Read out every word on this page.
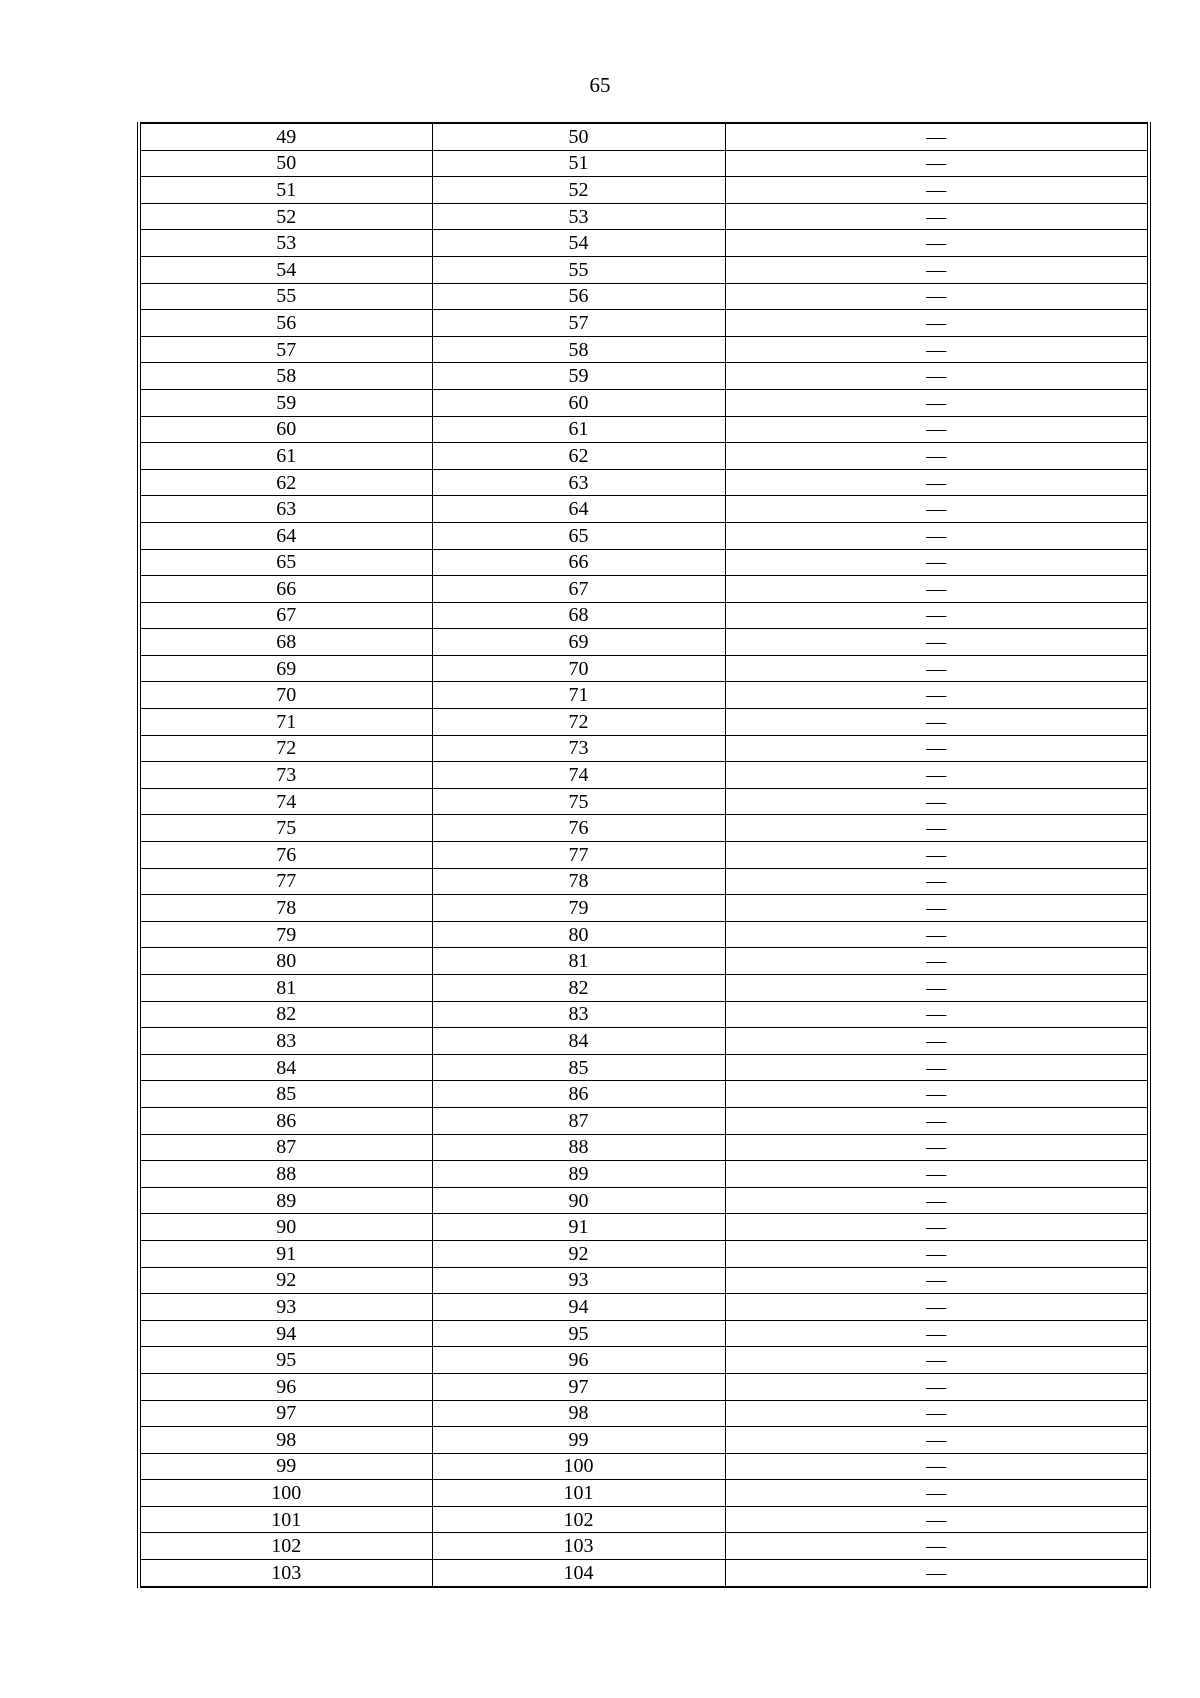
65
49	50	—
50	51	—
51	52	—
52	53	—
53	54	—
54	55	—
55	56	—
56	57	—
57	58	—
58	59	—
59	60	—
60	61	—
61	62	—
62	63	—
63	64	—
64	65	—
65	66	—
66	67	—
67	68	—
68	69	—
69	70	—
70	71	—
71	72	—
72	73	—
73	74	—
74	75	—
75	76	—
76	77	—
77	78	—
78	79	—
79	80	—
80	81	—
81	82	—
82	83	—
83	84	—
84	85	—
85	86	—
86	87	—
87	88	—
88	89	—
89	90	—
90	91	—
91	92	—
92	93	—
93	94	—
94	95	—
95	96	—
96	97	—
97	98	—
98	99	—
99	100	—
100	101	—
101	102	—
102	103	—
103	104	—
